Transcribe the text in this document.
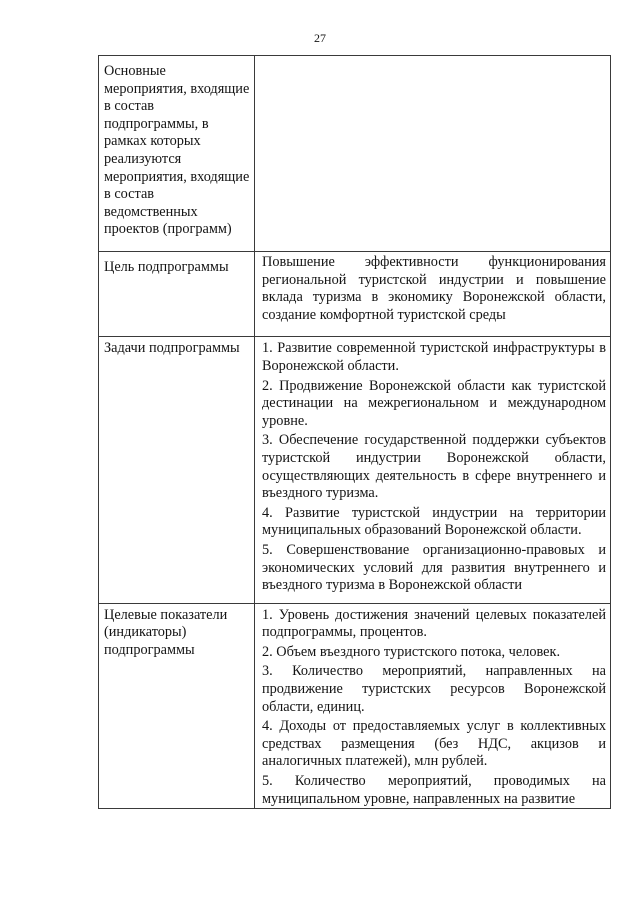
27
Основные мероприятия, входящие в состав подпрограммы, в рамках которых реализуются мероприятия, входящие в состав ведомственных проектов (программ)	

Цель подпрограммы	Повышение эффективности функционирования региональной туристской индустрии и повышение вклада туризма в экономику Воронежской области, создание комфортной туристской среды

Задачи подпрограммы	1. Развитие современной туристской инфраструктуры в Воронежской области.
2. Продвижение Воронежской области как туристской дестинации на межрегиональном и международном уровне.
3. Обеспечение государственной поддержки субъектов туристской индустрии Воронежской области, осуществляющих деятельность в сфере внутреннего и въездного туризма.
4. Развитие туристской индустрии на территории муниципальных образований Воронежской области.
5. Совершенствование организационно-правовых и экономических условий для развития внутреннего и въездного туризма в Воронежской области

Целевые показатели (индикаторы) подпрограммы	1. Уровень достижения значений целевых показателей подпрограммы, процентов.
2. Объем въездного туристского потока, человек.
3. Количество мероприятий, направленных на продвижение туристских ресурсов Воронежской области, единиц.
4. Доходы от предоставляемых услуг в коллективных средствах размещения (без НДС, акцизов и аналогичных платежей), млн рублей.
5. Количество мероприятий, проводимых на муниципальном уровне, направленных на развитие
